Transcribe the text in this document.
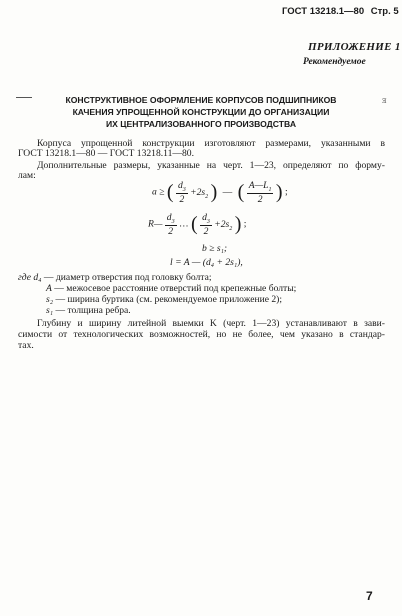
ГОСТ 13218.1—80 Стр. 5
ПРИЛОЖЕНИЕ 1
Рекомендуемое
ⱻ
КОНСТРУКТИВНОЕ ОФОРМЛЕНИЕ КОРПУСОВ ПОДШИПНИКОВ
КАЧЕНИЯ УПРОЩЕННОЙ КОНСТРУКЦИИ ДО ОРГАНИЗАЦИИ
ИХ ЦЕНТРАЛИЗОВАННОГО ПРОИЗВОДСТВА
Корпуса упрощенной конструкции изготовляют размерами, указанными в
ГОСТ 13218.1—80 — ГОСТ 13218.11—80.
Дополнительные размеры, указанные на черт. 1—23, определяют по форму-
лам:
a ≥ ( $\frac{d_3}{2} +2s_2$ ) — ( $\frac{A—L_1}{2}$ ) ;
R— $\frac{d_3}{2}$ … ( $\frac{d_3}{2} +2s_2$ ) ;
b ≥ s₁;
l = A — (d₄ + 2s₁),
где d₄ — диаметр отверстия под головку болта;
A — межосевое расстояние отверстий под крепежные болты;
s₂ — ширина буртика (см. рекомендуемое приложение 2);
s₁ — толщина ребра.
Глубину и ширину литейной выемки K (черт. 1—23) устанавливают в зави-
симости от технологических возможностей, но не более, чем указано в стандар-
тах.
7
